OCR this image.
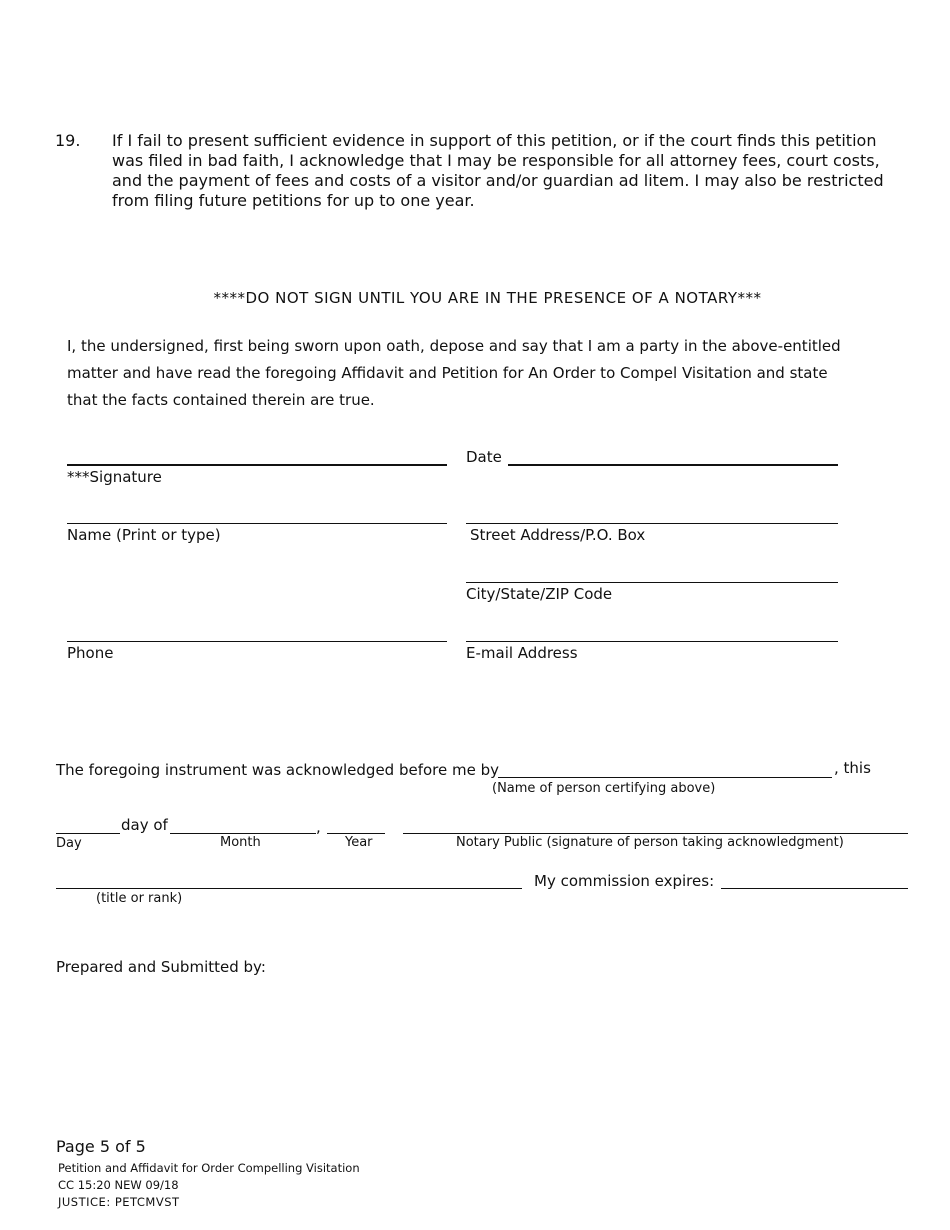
19. If I fail to present sufficient evidence in support of this petition, or if the court finds this petition was filed in bad faith, I acknowledge that I may be responsible for all attorney fees, court costs, and the payment of fees and costs of a visitor and/or guardian ad litem. I may also be restricted from filing future petitions for up to one year.
****DO NOT SIGN UNTIL YOU ARE IN THE PRESENCE OF A NOTARY***
I, the undersigned, first being sworn upon oath, depose and say that I am a party in the above-entitled matter and have read the foregoing Affidavit and Petition for An Order to Compel Visitation and state that the facts contained therein are true.
***Signature
Date
Name (Print or type)	Street Address/P.O. Box
City/State/ZIP Code
Phone	E-mail Address
The foregoing instrument was acknowledged before me by	, this
(Name of person certifying above)
day of	,
Day	Month	Year	Notary Public (signature of person taking acknowledgment)
(title or rank)
My commission expires:
Prepared and Submitted by:
Page 5 of 5
Petition and Affidavit for Order Compelling Visitation
CC 15:20 NEW 09/18
JUSTICE: PETCMVST
